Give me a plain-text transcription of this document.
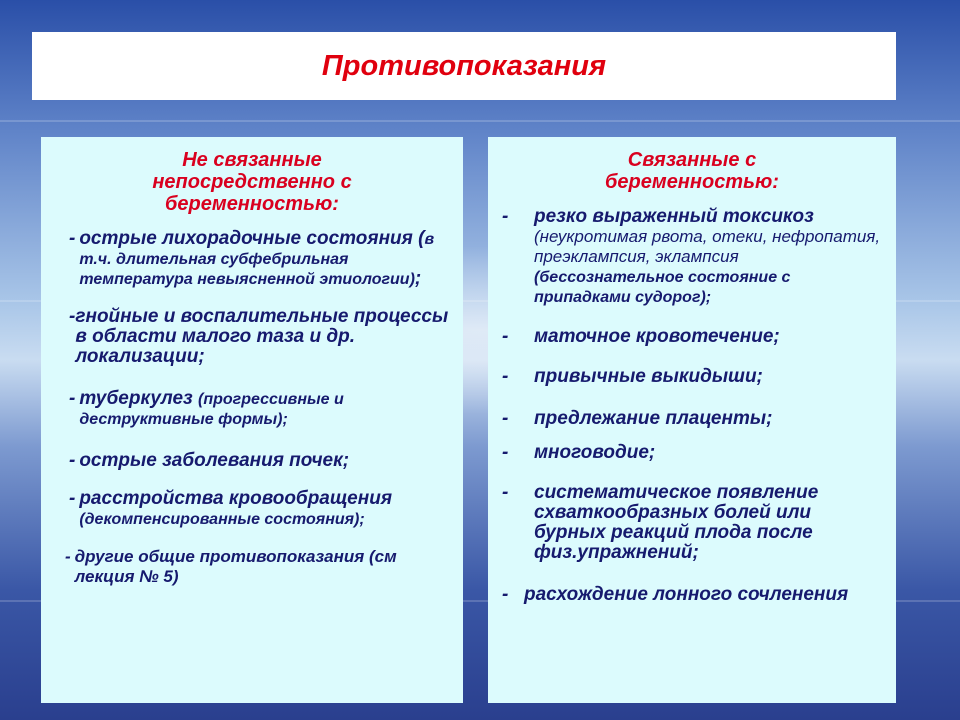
Противопоказания
Не связанные непосредственно с беременностью:
- острые лихорадочные состояния (в т.ч. длительная субфебрильная температура невыясненной этиологии);
- гнойные и воспалительные процессы в области малого таза и др. локализации;
- туберкулез (прогрессивные и деструктивные формы);
- острые заболевания почек;
- расстройства кровообращения (декомпенсированные состояния);
- другие общие противопоказания (см лекция № 5)
Связанные с беременностью:
-	резко выраженный токсикоз
(неукротимая рвота, отеки, нефропатия, преэклампсия, эклампсия (бессознательное состояние с припадками судорог);
-	маточное кровотечение;
-	привычные выкидыши;
-	предлежание плаценты;
-	многоводие;
-	систематическое появление схваткообразных болей или бурных реакций плода после физ.упражнений;
- расхождение лонного сочленения
